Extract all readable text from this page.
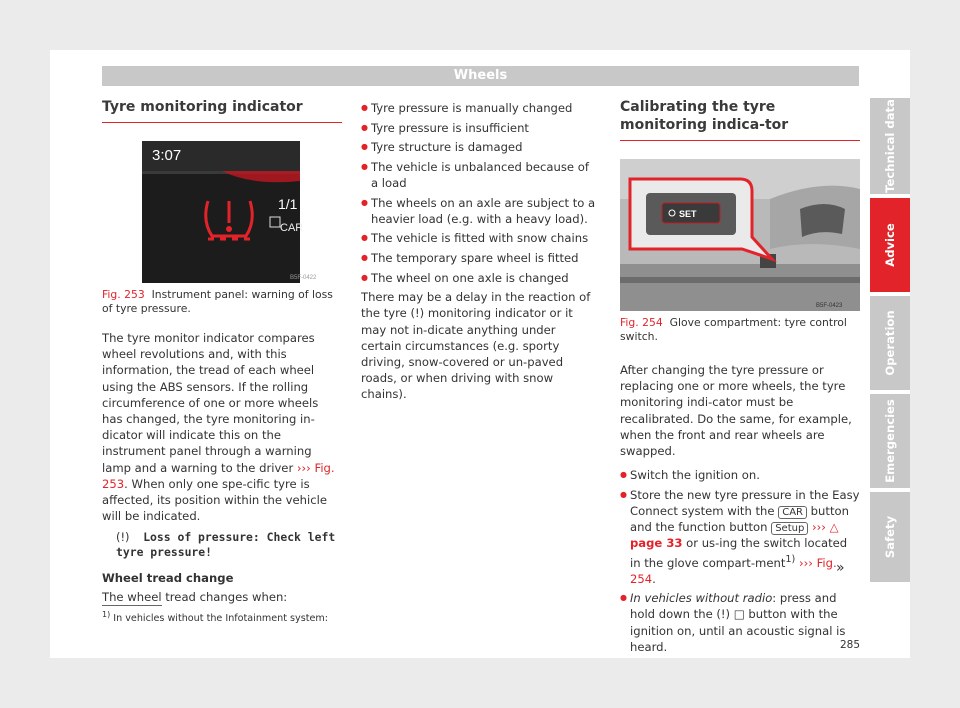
Wheels
Tyre monitoring indicator
3:07
1/1
CAR
B5F-0422
Fig. 253 Instrument panel: warning of loss of tyre pressure.

The tyre monitor indicator compares wheel revolutions and, with this information, the tread of each wheel using the ABS sensors. If the rolling circumference of one or more wheels has changed, the tyre monitoring in-dicator will indicate this on the instrument panel through a warning lamp and a warning to the driver ››› Fig. 253. When only one spe-cific tyre is affected, its position within the vehicle will be indicated.

(!) Loss of pressure: Check left tyre pressure!
Wheel tread change

The wheel tread changes when:

● Tyre pressure is manually changed
● Tyre pressure is insufficient
● Tyre structure is damaged
● The vehicle is unbalanced because of a load
● The wheels on an axle are subject to a heavier load (e.g. with a heavy load).
● The vehicle is fitted with snow chains
● The temporary spare wheel is fitted
● The wheel on one axle is changed

There may be a delay in the reaction of the tyre (!) monitoring indicator or it may not in-dicate anything under certain circumstances (e.g. sporty driving, snow-covered or un-paved roads, or when driving with snow chains).

Calibrating the tyre monitoring indica-tor
SET
B5F-0423
Fig. 254 Glove compartment: tyre control switch.

After changing the tyre pressure or replacing one or more wheels, the tyre monitoring indi-cator must be recalibrated. Do the same, for example, when the front and rear wheels are swapped.

● Switch the ignition on.
● Store the new tyre pressure in the Easy Connect system with the CAR button and the function button Setup ››› △ page 33 or us-ing the switch located in the glove compart-ment$^{1)}$ ››› Fig. 254.
● In vehicles without radio: press and hold down the (!) □ button with the ignition on, until an acoustic signal is heard.
»
Technical data
Advice
Operation
Emergencies
Safety
$^{1)}$ In vehicles without the Infotainment system:
285
